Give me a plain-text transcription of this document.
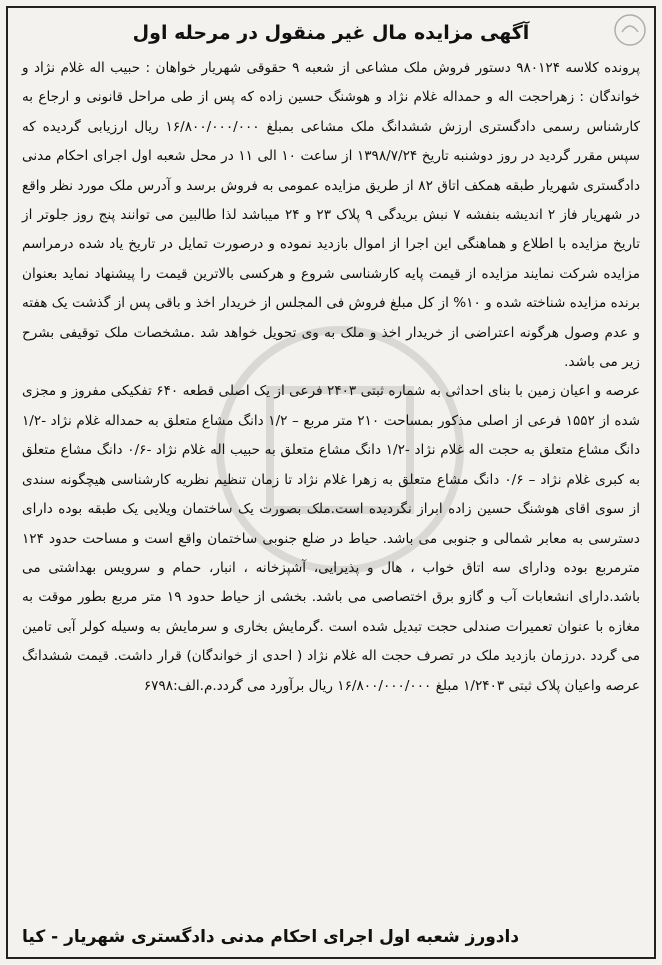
آگهی مزایده مال غیر منقول در مرحله اول

پرونده کلاسه ۹۸۰۱۲۴ دستور فروش ملک مشاعی از شعبه ۹ حقوقی شهریار خواهان : حبیب اله غلام نژاد و خواندگان : زهراحجت اله و حمداله غلام نژاد و هوشنگ حسین زاده که پس از طی مراحل قانونی و ارجاع به کارشناس رسمی دادگستری ارزش ششدانگ ملک مشاعی بمبلغ ۱۶/۸۰۰/۰۰۰/۰۰۰ ریال ارزیابی گردیده که سپس مقرر گردید در روز دوشنبه تاریخ ۱۳۹۸/۷/۲۴ از ساعت ۱۰ الی ۱۱ در محل شعبه اول اجرای احکام مدنی دادگستری شهریار طبقه همکف اتاق ۸۲ از طریق مزایده عمومی به فروش برسد و آدرس ملک مورد نظر واقع در شهریار فاز ۲ اندیشه بنفشه ۷ نبش بریدگی ۹ پلاک ۲۳ و ۲۴ میباشد لذا طالبین می توانند پنج روز جلوتر از تاریخ مزایده با اطلاع و هماهنگی این اجرا از اموال بازدید نموده و درصورت تمایل در تاریخ یاد شده درمراسم مزایده شرکت نمایند مزایده از قیمت پایه کارشناسی شروع و هرکسی بالاترین قیمت را پیشنهاد نماید بعنوان برنده مزایده شناخته شده و ۱۰% از کل مبلغ فروش فی المجلس از خریدار اخذ و باقی پس از گذشت یک هفته و عدم وصول هرگونه اعتراضی از خریدار اخذ و ملک به وی تحویل خواهد شد .مشخصات ملک توقیفی بشرح زیر می باشد.

عرصه و اعیان زمین با بنای احداثی به شماره ثبتی ۲۴۰۳ فرعی از یک اصلی قطعه ۶۴۰ تفکیکی مفروز و مجزی شده از ۱۵۵۲ فرعی از اصلی مذکور بمساحت ۲۱۰ متر مربع – ۱/۲ دانگ مشاع متعلق به حمداله غلام نژاد -۱/۲ دانگ مشاع متعلق به حجت اله غلام نژاد -۱/۲ دانگ مشاع متعلق به حبیب اله غلام نژاد -۰/۶ دانگ مشاع متعلق به کبری غلام نژاد – ۰/۶ دانگ مشاع متعلق به زهرا غلام نژاد تا زمان تنظیم نظریه کارشناسی هیچگونه سندی از سوی اقای هوشنگ حسین زاده ابراز نگردیده است.ملک بصورت یک ساختمان ویلایی یک طبقه بوده دارای دسترسی به معابر شمالی و جنوبی می باشد. حیاط در ضلع جنوبی ساختمان واقع است و مساحت حدود ۱۲۴ مترمربع بوده ودارای سه اتاق خواب ، هال و پذیرایی، آشپزخانه ، انبار، حمام و سرویس بهداشتی می باشد.دارای انشعابات آب و گازو برق اختصاصی می باشد. بخشی از حیاط حدود ۱۹ متر مربع بطور موقت به مغازه با عنوان تعمیرات صندلی حجت تبدیل شده است .گرمایش بخاری و سرمایش به وسیله کولر آبی تامین می گردد .درزمان بازدید ملک در تصرف حجت اله غلام نژاد ( احدی از خواندگان) قرار داشت. قیمت ششدانگ عرصه واعیان پلاک ثبتی ۱/۲۴۰۳ مبلغ ۱۶/۸۰۰/۰۰۰/۰۰۰ ریال برآورد می گردد.م.الف:۶۷۹۸

دادورز شعبه اول اجرای احکام مدنی دادگستری شهریار - کیا
